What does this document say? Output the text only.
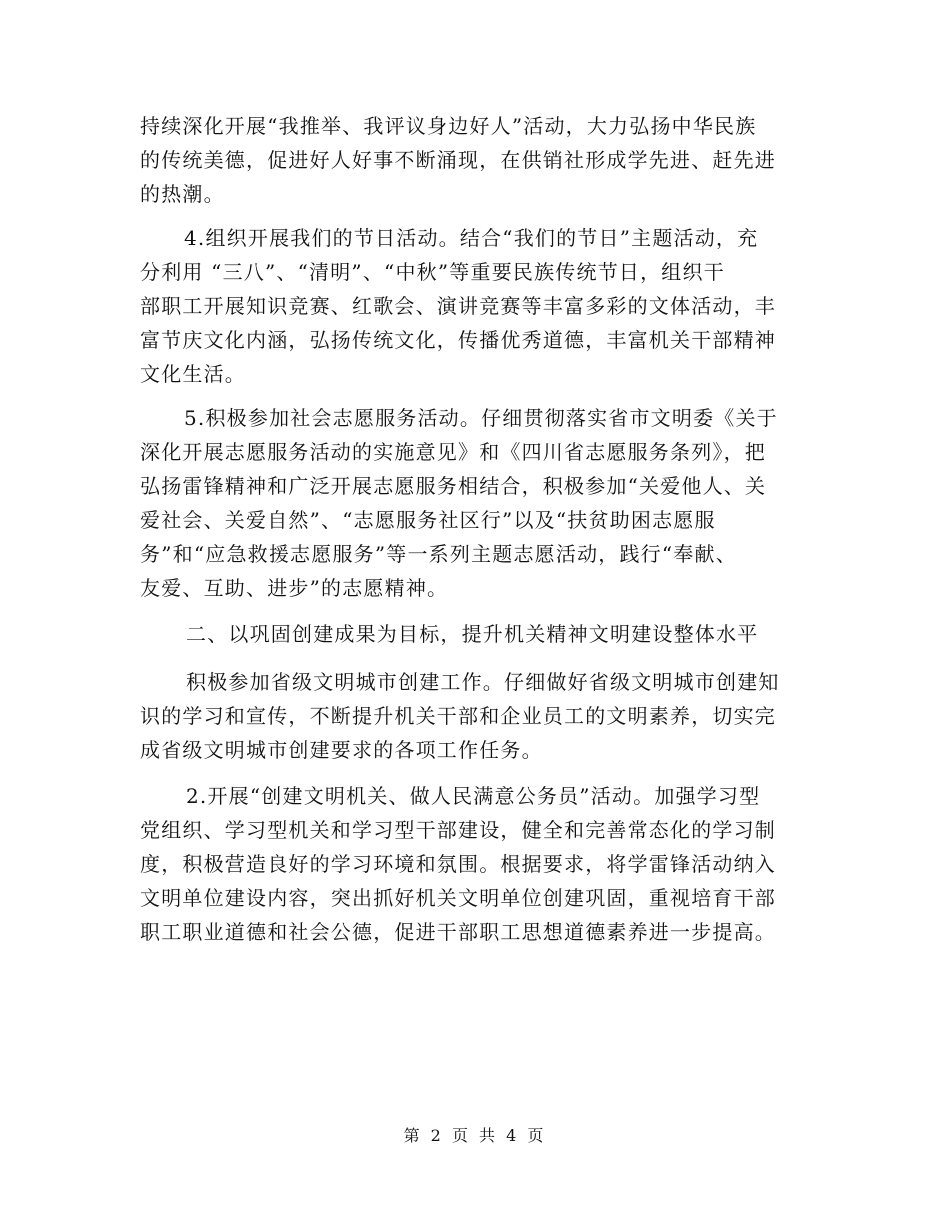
持续深化开展“我推举、我评议身边好人”活动，大力弘扬中华民族
的传统美德，促进好人好事不断涌现，在供销社形成学先进、赶先进
的热潮。
4.组织开展我们的节日活动。结合“我们的节日”主题活动，充
分利用 “三八”、“清明”、“中秋”等重要民族传统节日，组织干
部职工开展知识竞赛、红歌会、演讲竞赛等丰富多彩的文体活动，丰
富节庆文化内涵，弘扬传统文化，传播优秀道德，丰富机关干部精神
文化生活。
5.积极参加社会志愿服务活动。仔细贯彻落实省市文明委《关于
深化开展志愿服务活动的实施意见》和《四川省志愿服务条列》，把
弘扬雷锋精神和广泛开展志愿服务相结合，积极参加“关爱他人、关
爱社会、关爱自然”、“志愿服务社区行”以及“扶贫助困志愿服
务”和“应急救援志愿服务”等一系列主题志愿活动，践行“奉献、
友爱、互助、进步”的志愿精神。
二、以巩固创建成果为目标，提升机关精神文明建设整体水平
积极参加省级文明城市创建工作。仔细做好省级文明城市创建知
识的学习和宣传，不断提升机关干部和企业员工的文明素养，切实完
成省级文明城市创建要求的各项工作任务。
2.开展“创建文明机关、做人民满意公务员”活动。加强学习型
党组织、学习型机关和学习型干部建设，健全和完善常态化的学习制
度，积极营造良好的学习环境和氛围。根据要求，将学雷锋活动纳入
文明单位建设内容，突出抓好机关文明单位创建巩固，重视培育干部
职工职业道德和社会公德，促进干部职工思想道德素养进一步提高。
第 2 页 共 4 页
